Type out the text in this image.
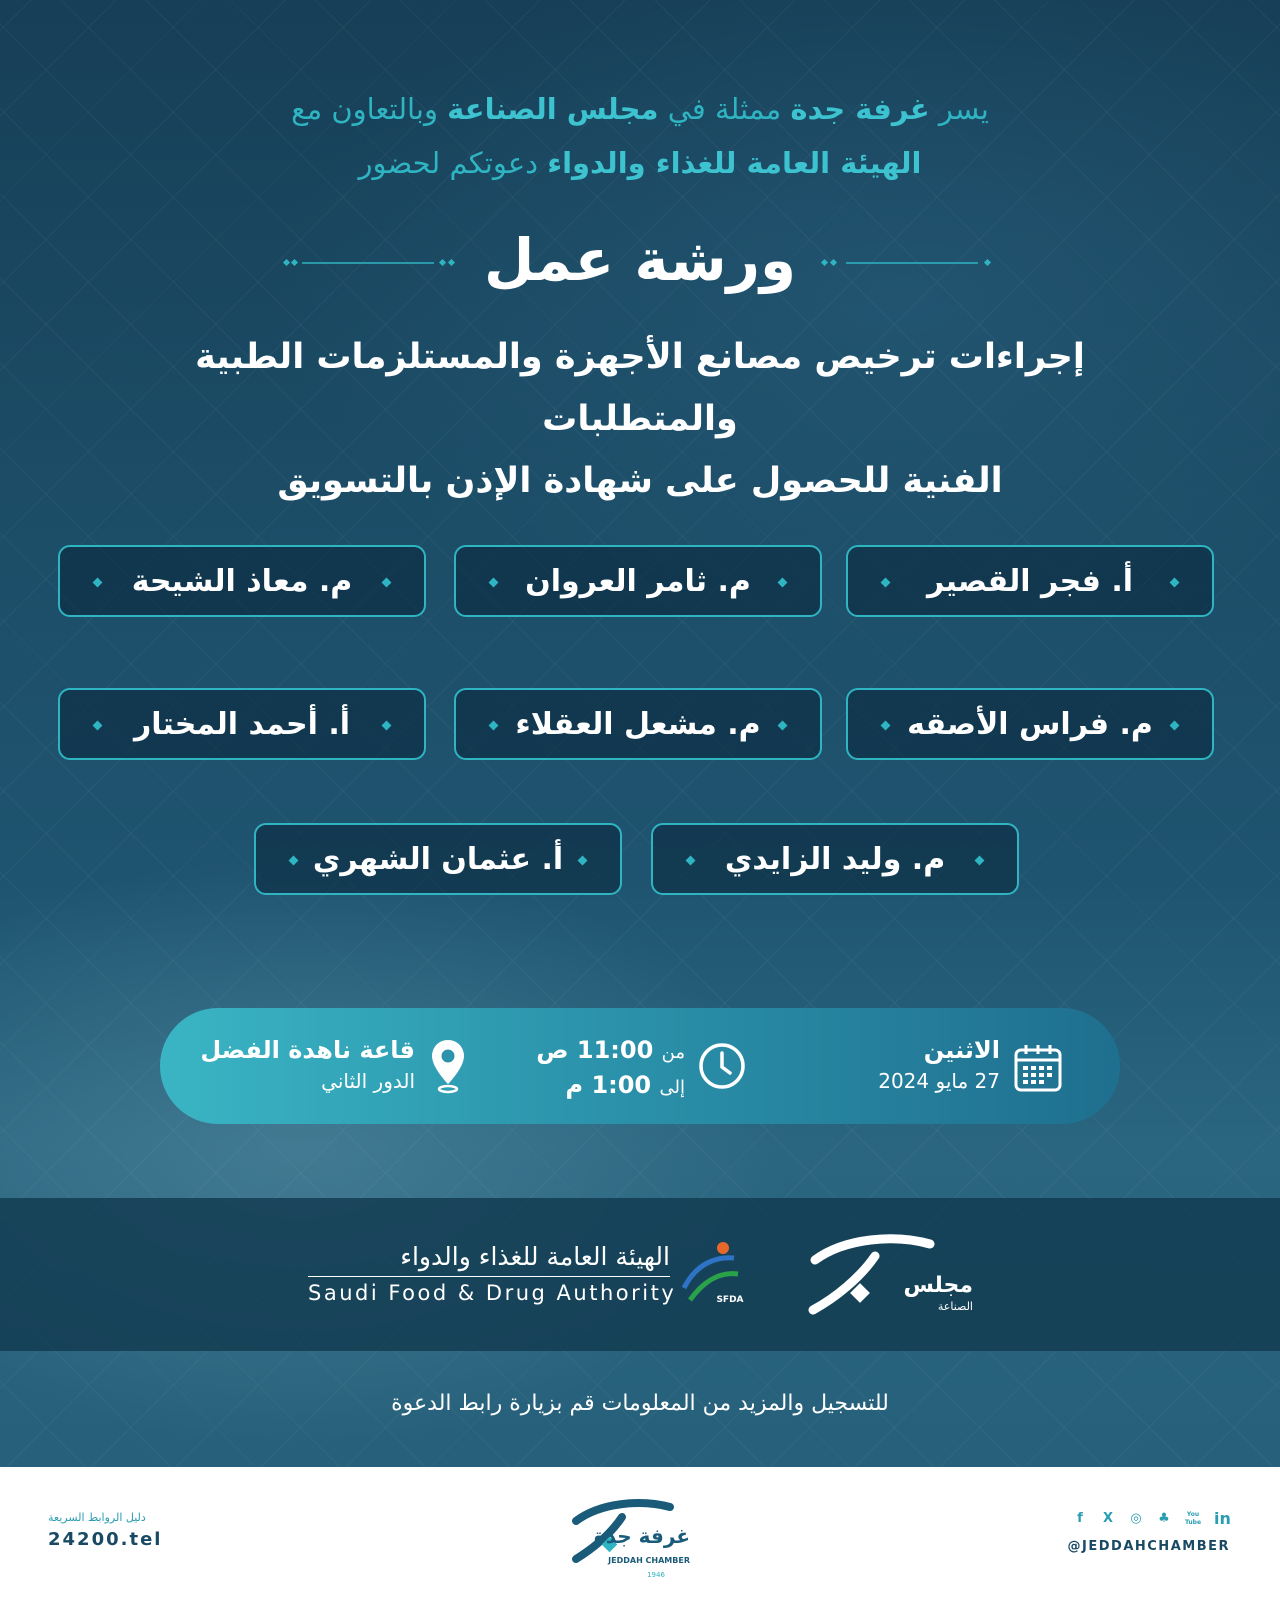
يسر غرفة جدة ممثلة في مجلس الصناعة وبالتعاون مع
الهيئة العامة للغذاء والدواء دعوتكم لحضور
ورشة عمل
إجراءات ترخيص مصانع الأجهزة والمستلزمات الطبية والمتطلبات
الفنية للحصول على شهادة الإذن بالتسويق
أ. فجر القصير
م. ثامر العروان
م. معاذ الشيحة
م. فراس الأصقه
م. مشعل العقلاء
أ. أحمد المختار
م. وليد الزايدي
أ. عثمان الشهري
الاثنين
27 مايو 2024
من 11:00 ص
إلى 1:00 م
قاعة ناهدة الفضل
الدور الثاني
مجلس
الصناعة
SFDA
الهيئة العامة للغذاء والدواء
Saudi Food & Drug Authority
للتسجيل والمزيد من المعلومات قم بزيارة رابط الدعوة
دليل الروابط السريعة
24200.tel	غرفة جدة
JEDDAH CHAMBER
1946
f	X ◎ ♣	You Tube in
@JEDDAHCHAMBER
